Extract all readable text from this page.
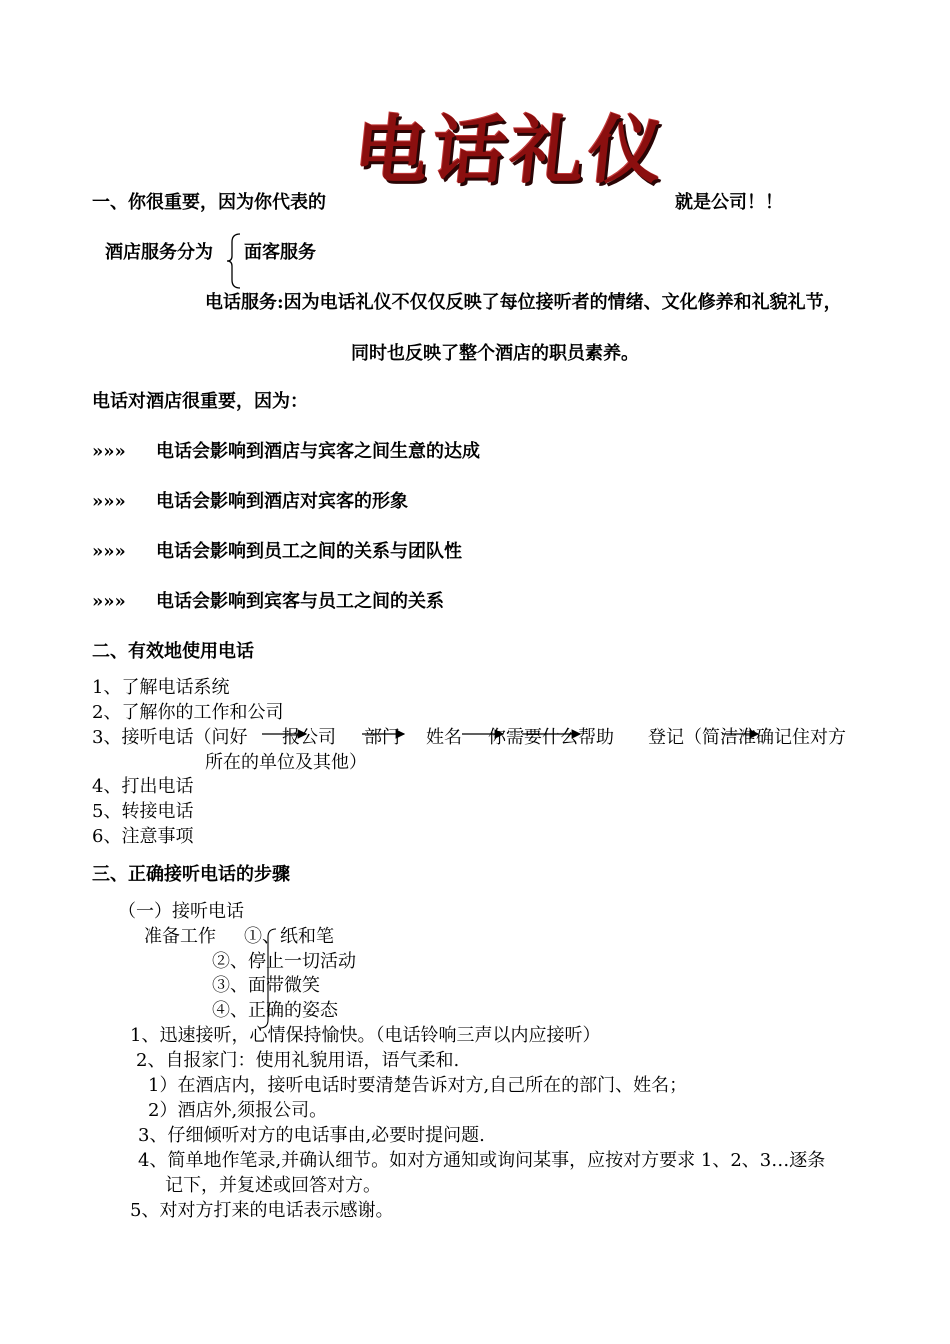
电话礼仪
一、你很重要，因为你代表的	就是公司！！
酒店服务分为 面客服务
电话服务:因为电话礼仪不仅仅反映了每位接听者的情绪、文化修养和礼貌礼节，
同时也反映了整个酒店的职员素养。
电话对酒店很重要，因为：
»»» 电话会影响到酒店与宾客之间生意的达成
»»» 电话会影响到酒店对宾客的形象
»»» 电话会影响到员工之间的关系与团队性
»»» 电话会影响到宾客与员工之间的关系
二、有效地使用电话
1、了解电话系统
2、了解你的工作和公司
3、接听电话（问好 报公司 部门 姓名 你需要什么帮助 登记（简洁准确记住对方
所在的单位及其他）
4、打出电话
5、转接电话
6、注意事项
三、正确接听电话的步骤
（一）接听电话
准备工作 ①、纸和笔
②、停止一切活动
③、面带微笑
④、正确的姿态
1、迅速接听，心情保持愉快。（电话铃响三声以内应接听）
2、自报家门：使用礼貌用语，语气柔和.
1）在酒店内，接听电话时要清楚告诉对方,自己所在的部门、姓名；
2）酒店外,须报公司。
3、仔细倾听对方的电话事由,必要时提问题.
4、简单地作笔录,并确认细节。如对方通知或询问某事，应按对方要求 1、2、3…逐条
记下，并复述或回答对方。
5、对对方打来的电话表示感谢。
